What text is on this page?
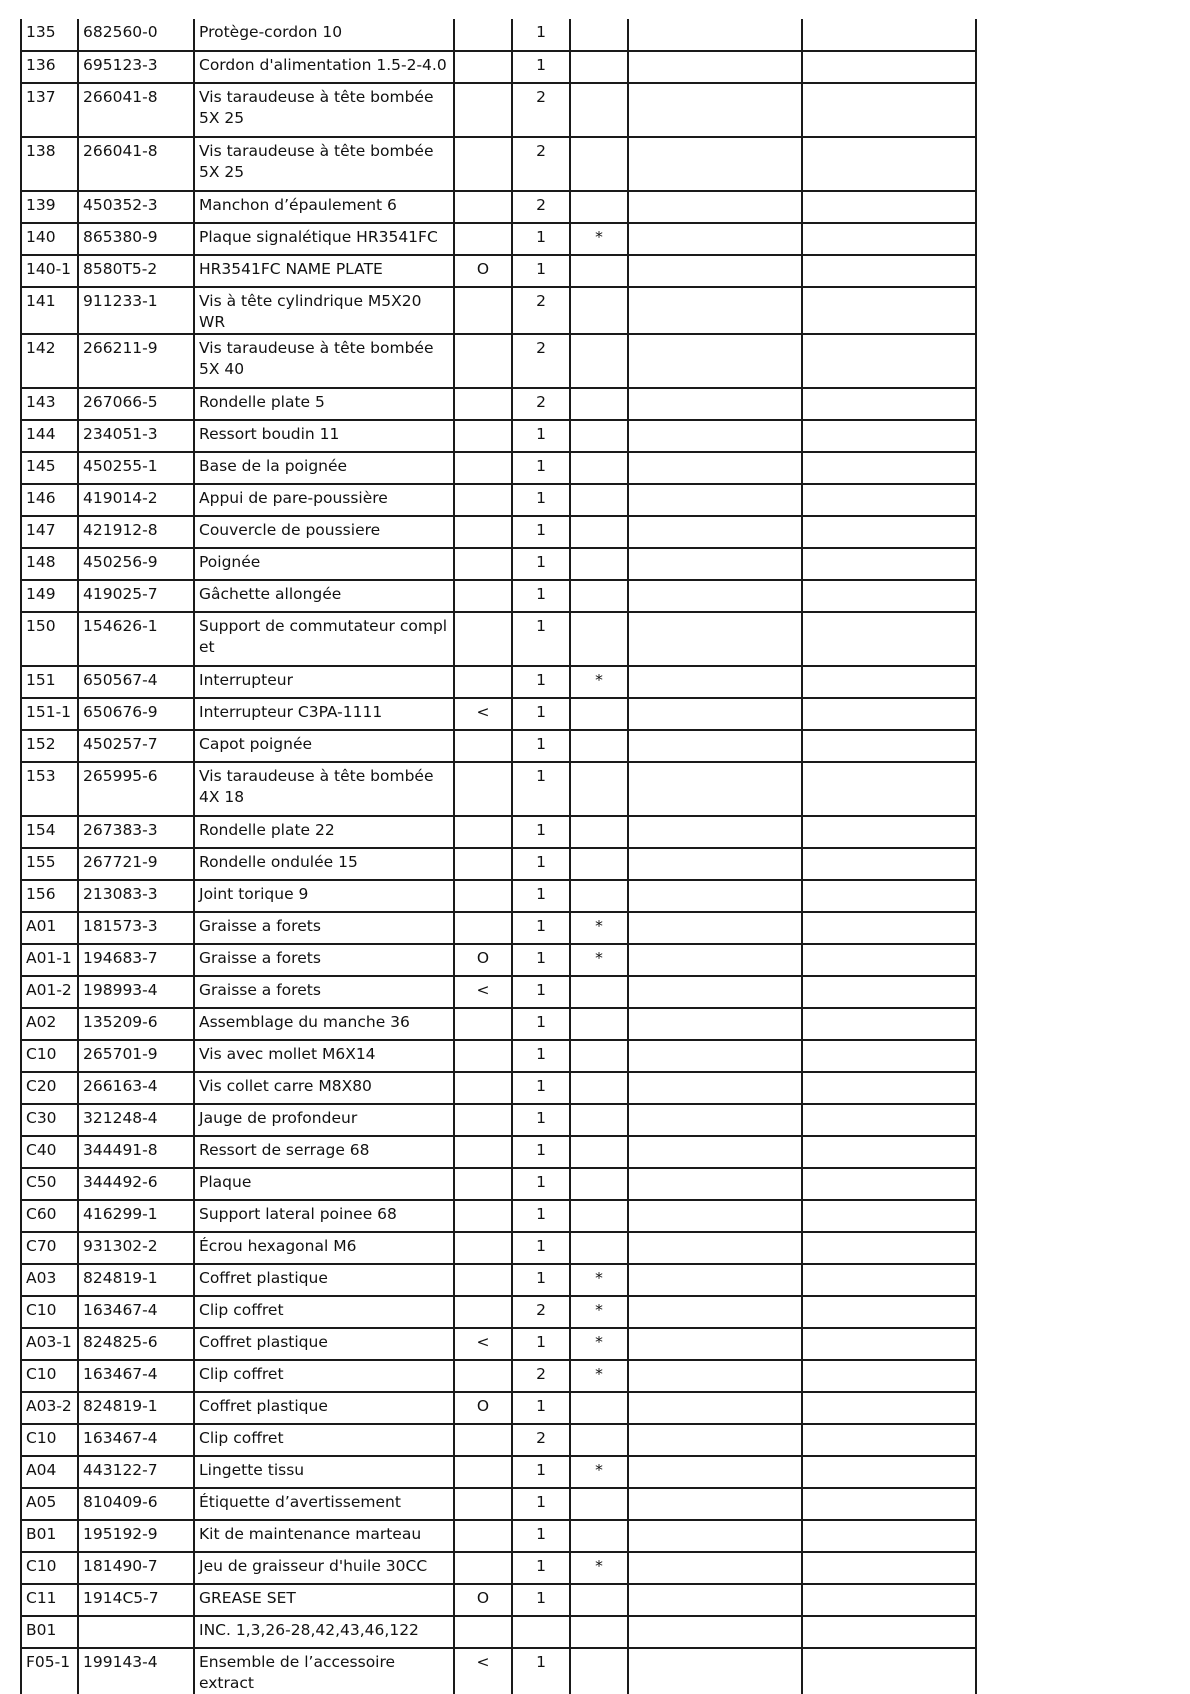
135	682560-0	Protège-cordon 10		1			
136	695123-3	Cordon d'alimentation 1.5-2-4.0		1			
137	266041-8	Vis taraudeuse à tête bombée 5X 25		2			
138	266041-8	Vis taraudeuse à tête bombée 5X 25		2			
139	450352-3	Manchon d’épaulement 6		2			
140	865380-9	Plaque signalétique HR3541FC		1	*		
140-1	8580T5-2	HR3541FC NAME PLATE	O	1			
141	911233-1	Vis à tête cylindrique M5X20 WR		2			
142	266211-9	Vis taraudeuse à tête bombée 5X 40		2			
143	267066-5	Rondelle plate 5		2			
144	234051-3	Ressort boudin 11		1			
145	450255-1	Base de la poignée		1			
146	419014-2	Appui de pare-poussière		1			
147	421912-8	Couvercle de poussiere		1			
148	450256-9	Poignée		1			
149	419025-7	Gâchette allongée		1			
150	154626-1	Support de commutateur compl et		1			
151	650567-4	Interrupteur		1	*		
151-1	650676-9	Interrupteur C3PA-1111	<	1			
152	450257-7	Capot poignée		1			
153	265995-6	Vis taraudeuse à tête bombée 4X 18		1			
154	267383-3	Rondelle plate 22		1			
155	267721-9	Rondelle ondulée 15		1			
156	213083-3	Joint torique 9		1			
A01	181573-3	Graisse a forets		1	*		
A01-1	194683-7	Graisse a forets	O	1	*		
A01-2	198993-4	Graisse a forets	<	1			
A02	135209-6	Assemblage du manche 36		1			
C10	265701-9	Vis avec mollet M6X14		1			
C20	266163-4	Vis collet carre M8X80		1			
C30	321248-4	Jauge de profondeur		1			
C40	344491-8	Ressort de serrage 68		1			
C50	344492-6	Plaque		1			
C60	416299-1	Support lateral poinee 68		1			
C70	931302-2	Écrou hexagonal M6		1			
A03	824819-1	Coffret plastique		1	*		
C10	163467-4	Clip coffret		2	*		
A03-1	824825-6	Coffret plastique	<	1	*		
C10	163467-4	Clip coffret		2	*		
A03-2	824819-1	Coffret plastique	O	1			
C10	163467-4	Clip coffret		2			
A04	443122-7	Lingette tissu		1	*		
A05	810409-6	Étiquette d’avertissement		1			
B01	195192-9	Kit de maintenance marteau		1			
C10	181490-7	Jeu de graisseur d'huile 30CC		1	*		
C11	1914C5-7	GREASE SET	O	1			
B01		INC. 1,3,26-28,42,43,46,122					
F05-1	199143-4	Ensemble de l’accessoire extract	<	1			
